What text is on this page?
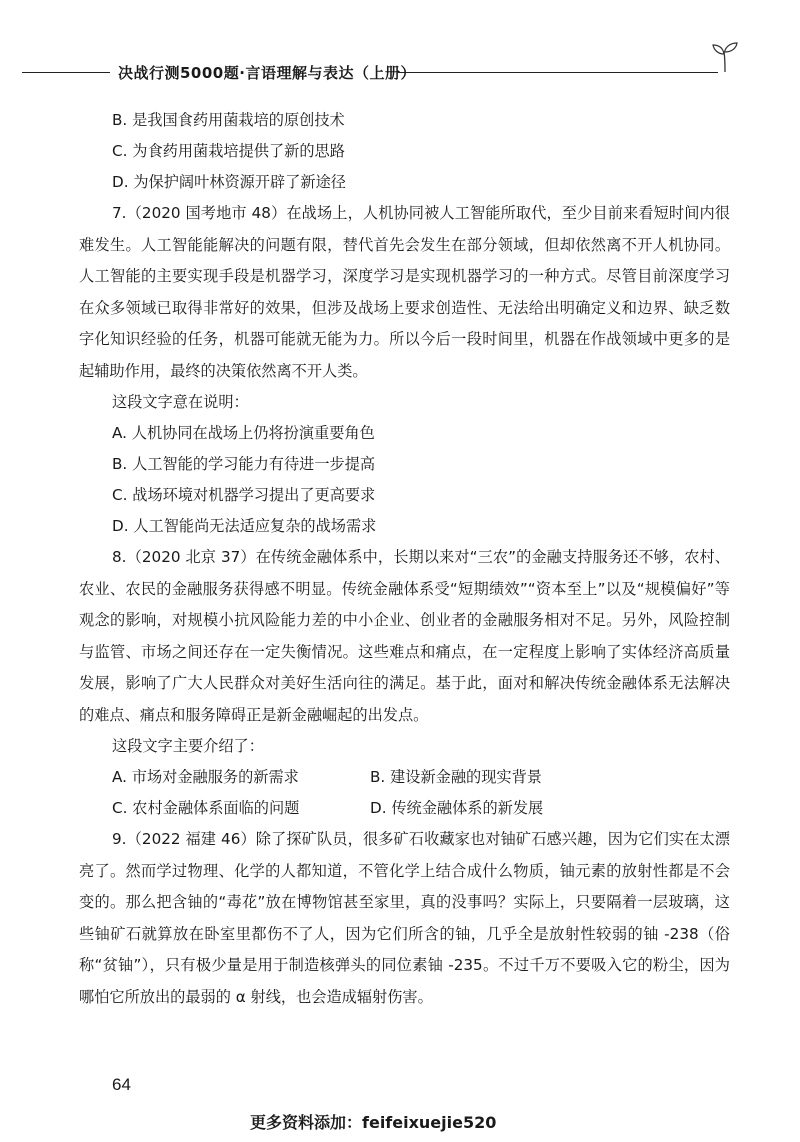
决战行测5000题·言语理解与表达（上册）
B. 是我国食药用菌栽培的原创技术
C. 为食药用菌栽培提供了新的思路
D. 为保护阔叶林资源开辟了新途径
7.（2020 国考地市 48）在战场上，人机协同被人工智能所取代，至少目前来看短时间内很难发生。人工智能能解决的问题有限，替代首先会发生在部分领域，但却依然离不开人机协同。人工智能的主要实现手段是机器学习，深度学习是实现机器学习的一种方式。尽管目前深度学习在众多领域已取得非常好的效果，但涉及战场上要求创造性、无法给出明确定义和边界、缺乏数字化知识经验的任务，机器可能就无能为力。所以今后一段时间里，机器在作战领域中更多的是起辅助作用，最终的决策依然离不开人类。
这段文字意在说明：
A. 人机协同在战场上仍将扮演重要角色
B. 人工智能的学习能力有待进一步提高
C. 战场环境对机器学习提出了更高要求
D. 人工智能尚无法适应复杂的战场需求
8.（2020 北京 37）在传统金融体系中，长期以来对“三农”的金融支持服务还不够，农村、农业、农民的金融服务获得感不明显。传统金融体系受“短期绩效”“资本至上”以及“规模偏好”等观念的影响，对规模小抗风险能力差的中小企业、创业者的金融服务相对不足。另外，风险控制与监管、市场之间还存在一定失衡情况。这些难点和痛点，在一定程度上影响了实体经济高质量发展，影响了广大人民群众对美好生活向往的满足。基于此，面对和解决传统金融体系无法解决的难点、痛点和服务障碍正是新金融崛起的出发点。
这段文字主要介绍了：
A. 市场对金融服务的新需求	B. 建设新金融的现实背景
C. 农村金融体系面临的问题	D. 传统金融体系的新发展
9.（2022 福建 46）除了探矿队员，很多矿石收藏家也对铀矿石感兴趣，因为它们实在太漂亮了。然而学过物理、化学的人都知道，不管化学上结合成什么物质，铀元素的放射性都是不会变的。那么把含铀的“毒花”放在博物馆甚至家里，真的没事吗？实际上，只要隔着一层玻璃，这些铀矿石就算放在卧室里都伤不了人，因为它们所含的铀，几乎全是放射性较弱的铀 -238（俗称“贫铀”），只有极少量是用于制造核弹头的同位素铀 -235。不过千万不要吸入它的粉尘，因为哪怕它所放出的最弱的 α 射线，也会造成辐射伤害。
64
更多资料添加：feifeixuejie520
